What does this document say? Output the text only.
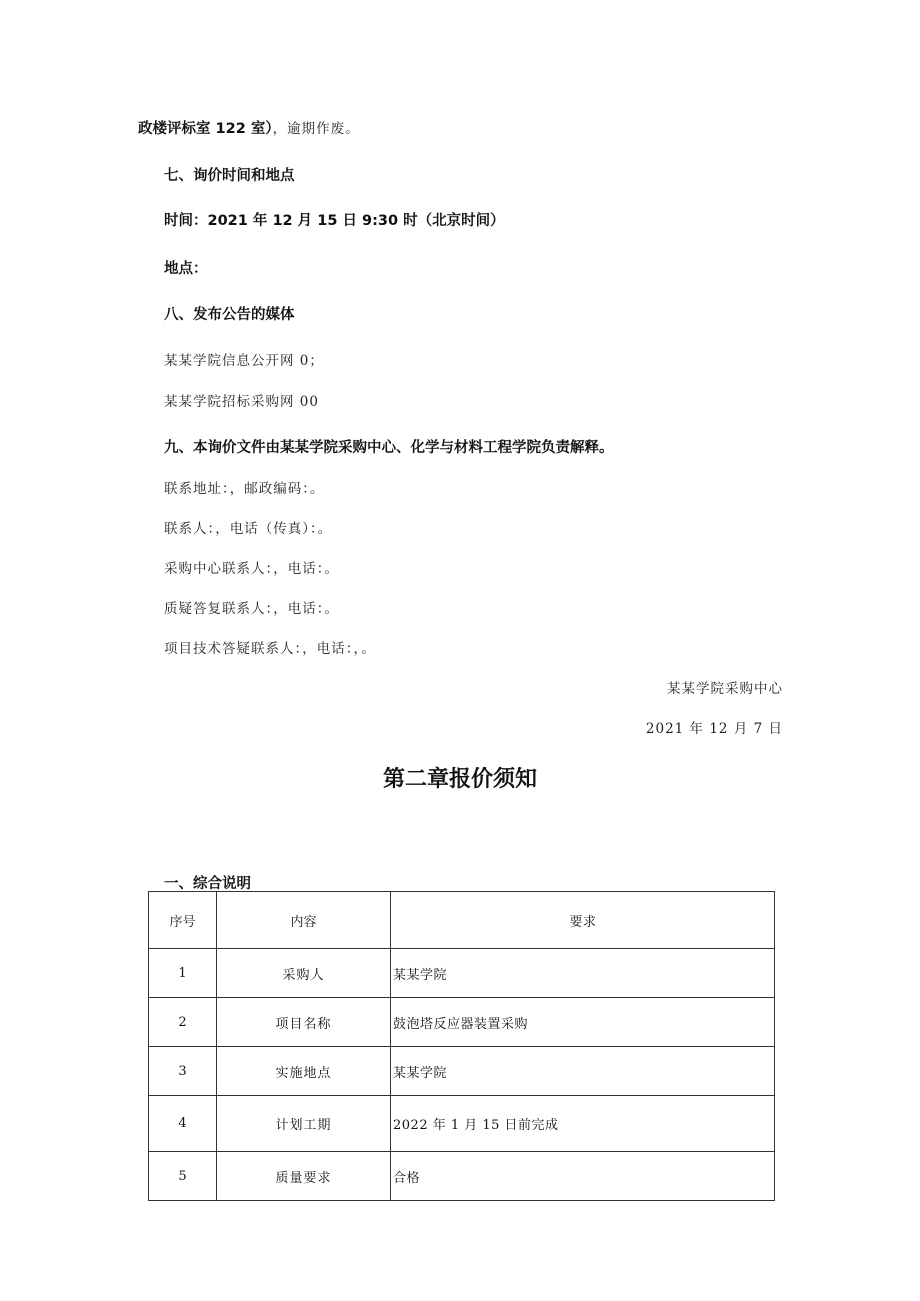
政楼评标室 122 室），逾期作废。
七、询价时间和地点
时间：2021 年 12 月 15 日 9:30 时（北京时间）
地点：
八、发布公告的媒体
某某学院信息公开网 0；
某某学院招标采购网 00
九、本询价文件由某某学院采购中心、化学与材料工程学院负责解释。
联系地址：，邮政编码：。
联系人：，电话（传真）：。
采购中心联系人：，电话：。
质疑答复联系人：，电话：。
项目技术答疑联系人：，电话：，。
某某学院采购中心
2021 年 12 月 7 日
第二章报价须知
一、综合说明
序号	内容	要求
1	采购人	某某学院
2	项目名称	鼓泡塔反应器装置采购
3	实施地点	某某学院
4	计划工期	2022 年 1 月 15 日前完成
5	质量要求	合格
